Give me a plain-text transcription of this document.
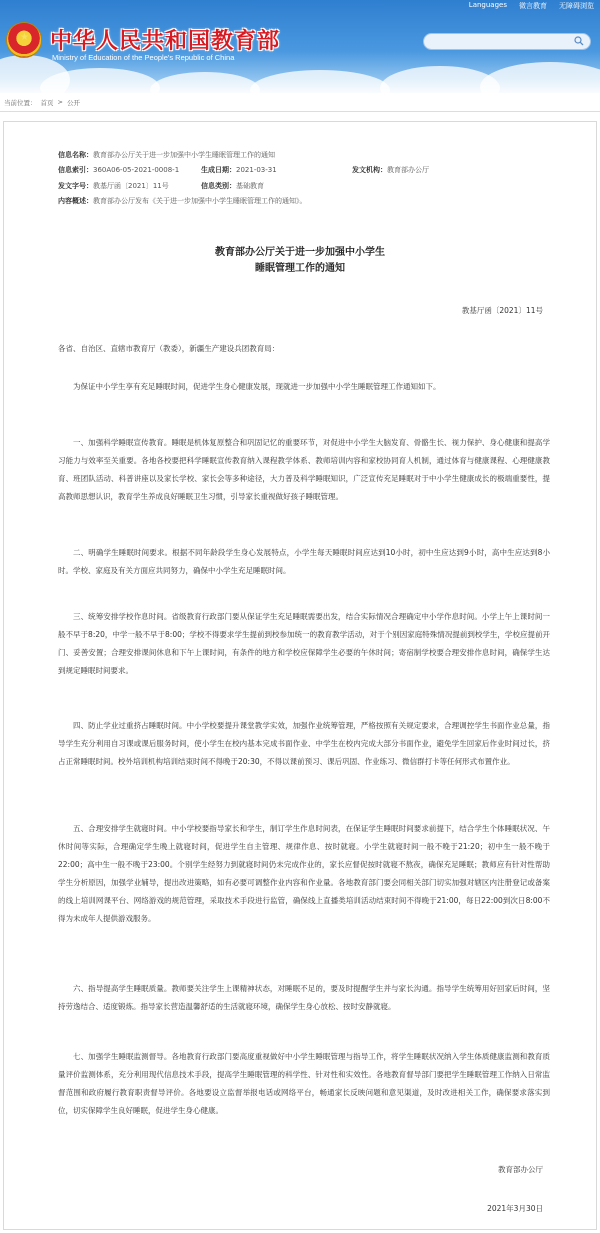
Languages 微言教育 无障碍浏览
★ 中华人民共和国教育部
Ministry of Education of the People's Republic of China
当前位置： 首页 > 公开
信息名称：教育部办公厅关于进一步加强中小学生睡眠管理工作的通知
信息索引：360A06-05-2021-0008-1	生成日期：2021-03-31	发文机构：教育部办公厅
发文字号：教基厅函〔2021〕11号	信息类别：基础教育
内容概述：教育部办公厅发布《关于进一步加强中小学生睡眠管理工作的通知》。
教育部办公厅关于进一步加强中小学生
睡眠管理工作的通知
教基厅函〔2021〕11号
各省、自治区、直辖市教育厅（教委），新疆生产建设兵团教育局：
为保证中小学生享有充足睡眠时间，促进学生身心健康发展，现就进一步加强中小学生睡眠管理工作通知如下。
一、加强科学睡眠宣传教育。睡眠是机体复原整合和巩固记忆的重要环节，对促进中小学生大脑发育、骨骼生长、视力保护、身心健康和提高学习能力与效率至关重要。各地各校要把科学睡眠宣传教育纳入课程教学体系、教师培训内容和家校协同育人机制，通过体育与健康课程、心理健康教育、班团队活动、科普讲座以及家长学校、家长会等多种途径，大力普及科学睡眠知识，广泛宣传充足睡眠对于中小学生健康成长的极端重要性，提高教师思想认识，教育学生养成良好睡眠卫生习惯，引导家长重视做好孩子睡眠管理。
二、明确学生睡眠时间要求。根据不同年龄段学生身心发展特点，小学生每天睡眠时间应达到10小时，初中生应达到9小时，高中生应达到8小时。学校、家庭及有关方面应共同努力，确保中小学生充足睡眠时间。
三、统筹安排学校作息时间。省级教育行政部门要从保证学生充足睡眠需要出发，结合实际情况合理确定中小学作息时间。小学上午上课时间一般不早于8:20，中学一般不早于8:00；学校不得要求学生提前到校参加统一的教育教学活动，对于个别因家庭特殊情况提前到校学生，学校应提前开门、妥善安置；合理安排课间休息和下午上课时间，有条件的地方和学校应保障学生必要的午休时间；寄宿制学校要合理安排作息时间，确保学生达到规定睡眠时间要求。
四、防止学业过重挤占睡眠时间。中小学校要提升课堂教学实效，加强作业统筹管理，严格按照有关规定要求，合理调控学生书面作业总量，指导学生充分利用自习课或课后服务时间，使小学生在校内基本完成书面作业、中学生在校内完成大部分书面作业，避免学生回家后作业时间过长，挤占正常睡眠时间。校外培训机构培训结束时间不得晚于20:30，不得以课前预习、课后巩固、作业练习、微信群打卡等任何形式布置作业。
五、合理安排学生就寝时间。中小学校要指导家长和学生，制订学生作息时间表，在保证学生睡眠时间要求前提下，结合学生个体睡眠状况、午休时间等实际，合理确定学生晚上就寝时间，促进学生自主管理、规律作息、按时就寝。小学生就寝时间一般不晚于21:20；初中生一般不晚于22:00；高中生一般不晚于23:00。个别学生经努力到就寝时间仍未完成作业的，家长应督促按时就寝不熬夜，确保充足睡眠；教师应有针对性帮助学生分析原因，加强学业辅导，提出改进策略，如有必要可调整作业内容和作业量。各地教育部门要会同相关部门切实加强对辖区内注册登记或备案的线上培训网课平台、网络游戏的规范管理，采取技术手段进行监管，确保线上直播类培训活动结束时间不得晚于21:00，每日22:00到次日8:00不得为未成年人提供游戏服务。
六、指导提高学生睡眠质量。教师要关注学生上课精神状态，对睡眠不足的，要及时提醒学生并与家长沟通。指导学生统筹用好回家后时间，坚持劳逸结合、适度锻炼。指导家长营造温馨舒适的生活就寝环境，确保学生身心放松、按时安静就寝。
七、加强学生睡眠监测督导。各地教育行政部门要高度重视做好中小学生睡眠管理与指导工作，将学生睡眠状况纳入学生体质健康监测和教育质量评价监测体系，充分利用现代信息技术手段，提高学生睡眠管理的科学性、针对性和实效性。各地教育督导部门要把学生睡眠管理工作纳入日常监督范围和政府履行教育职责督导评价。各地要设立监督举报电话或网络平台，畅通家长反映问题和意见渠道，及时改进相关工作，确保要求落实到位，切实保障学生良好睡眠，促进学生身心健康。
教育部办公厅
2021年3月30日
